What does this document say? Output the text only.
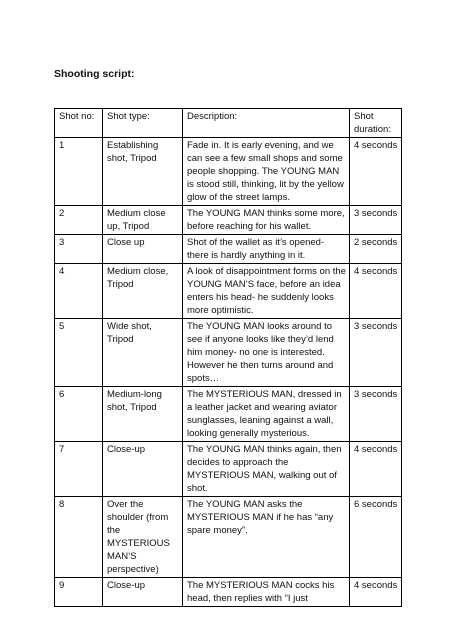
Shooting script:
Shot no:	Shot type:	Description:	Shot duration:
1	Establishing shot, Tripod	Fade in. It is early evening, and we can see a few small shops and some people shopping. The YOUNG MAN is stood still, thinking, lit by the yellow glow of the street lamps.	4 seconds
2	Medium close up, Tripod	The YOUNG MAN thinks some more, before reaching for his wallet.	3 seconds
3	Close up	Shot of the wallet as it’s opened- there is hardly anything in it.	2 seconds
4	Medium close, Tripod	A look of disappointment forms on the YOUNG MAN’S face, before an idea enters his head- he suddenly looks more optimistic.	4 seconds
5	Wide shot, Tripod	The YOUNG MAN looks around to see if anyone looks like they’d lend him money- no one is interested. However he then turns around and spots…	3 seconds
6	Medium-long shot, Tripod	The MYSTERIOUS MAN, dressed in a leather jacket and wearing aviator sunglasses, leaning against a wall, looking generally mysterious.	3 seconds
7	Close-up	The YOUNG MAN thinks again, then decides to approach the MYSTERIOUS MAN, walking out of shot.	4 seconds
8	Over the shoulder (from the MYSTERIOUS MAN’S perspective)	The YOUNG MAN asks the MYSTERIOUS MAN if he has “any spare money”.	6 seconds
9	Close-up	The MYSTERIOUS MAN cocks his head, then replies with “I just	4 seconds
